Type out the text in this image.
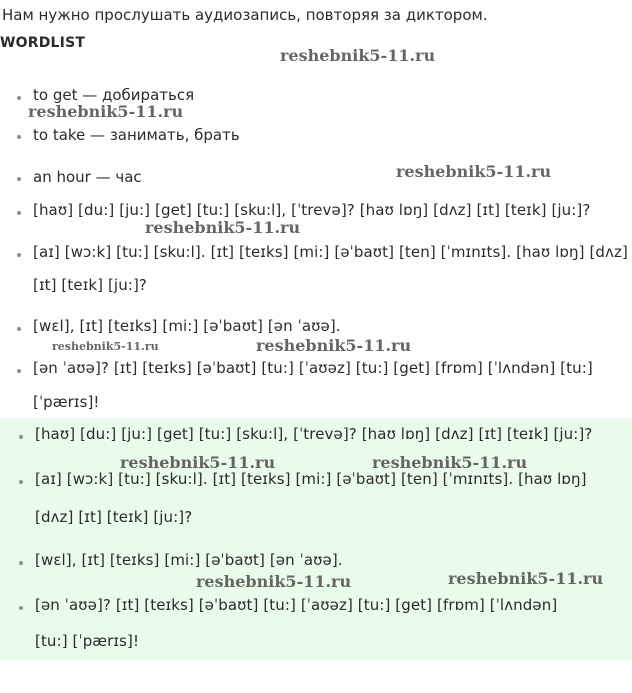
Нам нужно прослушать аудиозапись, повторяя за диктором.
WORDLIST
to get — добираться
to take — занимать, брать
an hour — час
[haʊ] [du:] [ju:] [get] [tu:] [sku:l], [ˈtrevə]? [haʊ lɒŋ] [dʌz] [ɪt] [teɪk] [ju:]?
[aɪ] [wɔ:k] [tu:] [sku:l]. [ɪt] [teɪks] [mi:] [əˈbaʊt] [ten] [ˈmɪnɪts]. [haʊ lɒŋ] [dʌz]
[ɪt] [teɪk] [ju:]?
[wɛl], [ɪt] [teɪks] [mi:] [əˈbaʊt] [ən ˈaʊə].
[ən ˈaʊə]? [ɪt] [teɪks] [əˈbaʊt] [tu:] [ˈaʊəz] [tu:] [get] [frɒm] [ˈlʌndən] [tu:]
[ˈpærɪs]!
[haʊ] [du:] [ju:] [get] [tu:] [sku:l], [ˈtrevə]? [haʊ lɒŋ] [dʌz] [ɪt] [teɪk] [ju:]?
[aɪ] [wɔ:k] [tu:] [sku:l]. [ɪt] [teɪks] [mi:] [əˈbaʊt] [ten] [ˈmɪnɪts]. [haʊ lɒŋ]
[dʌz] [ɪt] [teɪk] [ju:]?
[wɛl], [ɪt] [teɪks] [mi:] [əˈbaʊt] [ən ˈaʊə].
[ən ˈaʊə]? [ɪt] [teɪks] [əˈbaʊt] [tu:] [ˈaʊəz] [tu:] [get] [frɒm] [ˈlʌndən]
[tu:] [ˈpærɪs]!
reshebnik5-11.ru
reshebnik5-11.ru
reshebnik5-11.ru
reshebnik5-11.ru
reshebnik5-11.ru	reshebnik5-11.ru
reshebnik5-11.ru	reshebnik5-11.ru
reshebnik5-11.ru	reshebnik5-11.ru
